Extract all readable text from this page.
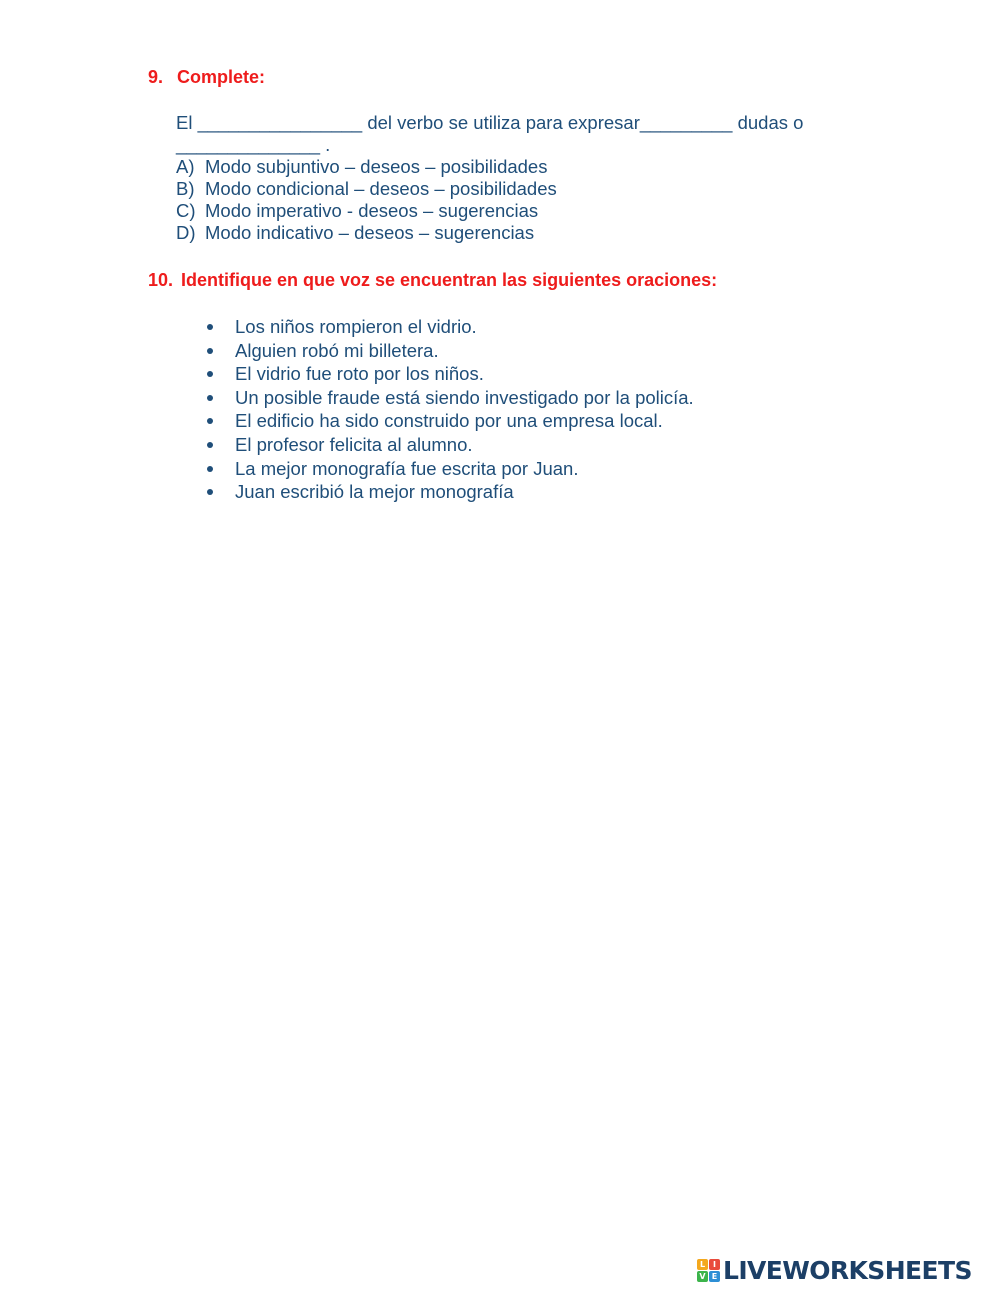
9. Complete:
El ________________ del verbo se utiliza para expresar_________ dudas o
______________ .
A) Modo subjuntivo – deseos – posibilidades
B) Modo condicional – deseos – posibilidades
C) Modo imperativo - deseos – sugerencias
D) Modo indicativo – deseos – sugerencias
10. Identifique en que voz se encuentran las siguientes oraciones:
Los niños rompieron el vidrio.
Alguien robó mi billetera.
El vidrio fue roto por los niños.
Un posible fraude está siendo investigado por la policía.
El edificio ha sido construido por una empresa local.
El profesor felicita al alumno.
La mejor monografía fue escrita por Juan.
Juan escribió la mejor monografía
L I
V E LIVEWORKSHEETS
